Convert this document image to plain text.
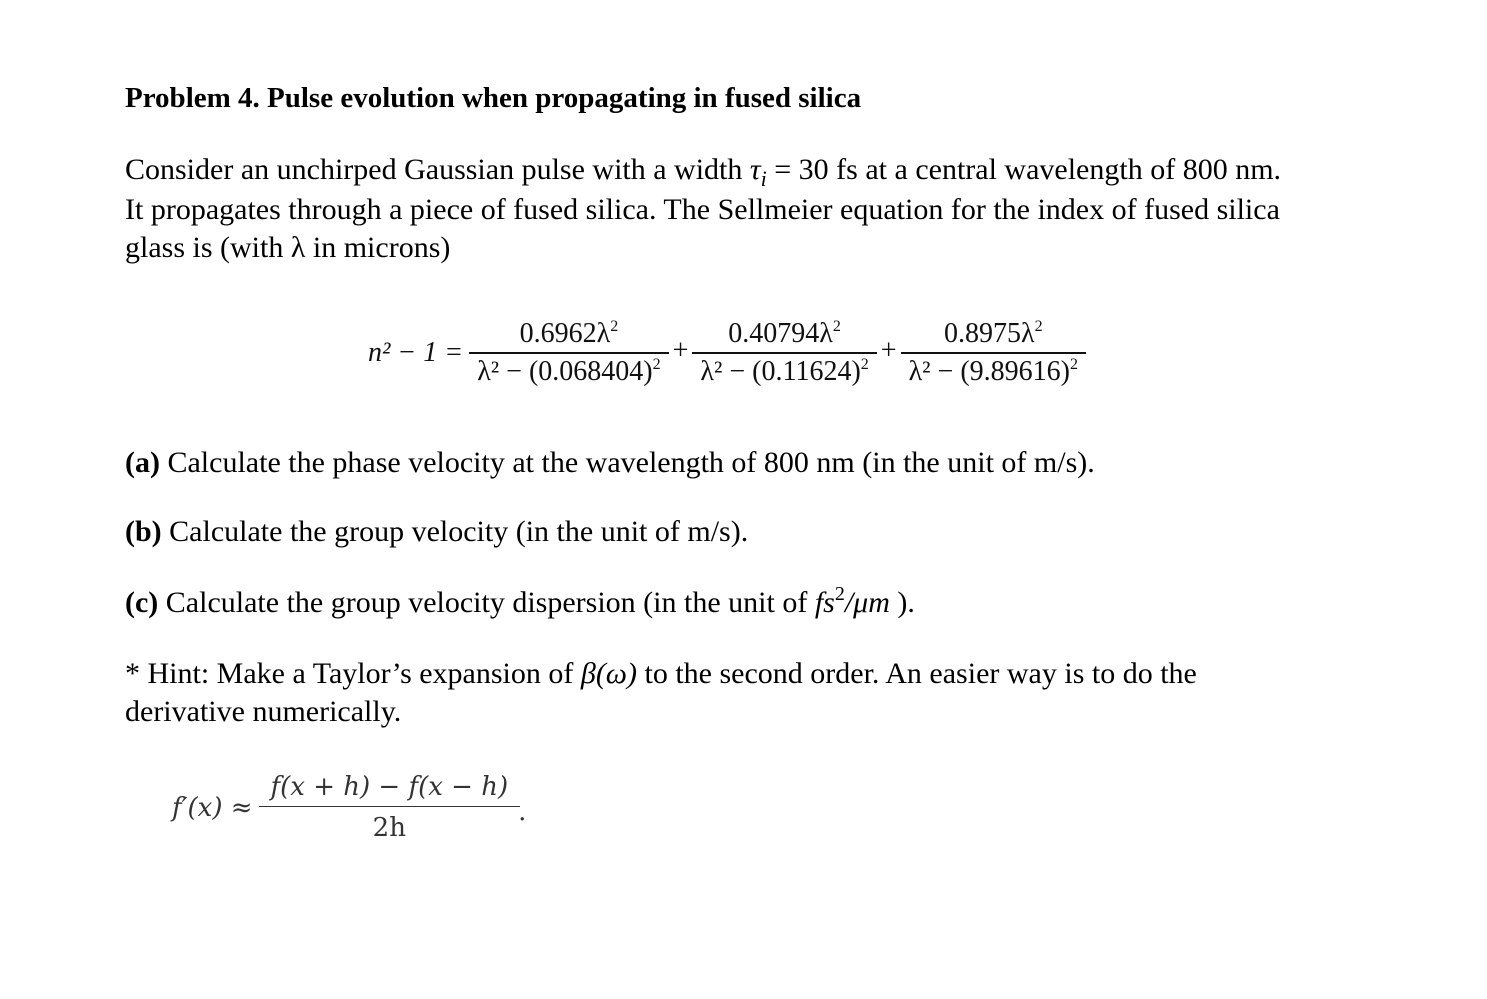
Problem 4. Pulse evolution when propagating in fused silica
Consider an unchirped Gaussian pulse with a width $\tau_i = 30$ fs at a central wavelength of 800 nm.
It propagates through a piece of fused silica. The Sellmeier equation for the index of fused silica
glass is (with λ in microns)
$n^2 - 1 = \frac{0.6962\lambda^2}{\lambda^2 - (0.068404)^2} + \frac{0.40794\lambda^2}{\lambda^2 - (0.11624)^2} + \frac{0.8975\lambda^2}{\lambda^2 - (9.89616)^2}$
(a) Calculate the phase velocity at the wavelength of 800 nm (in the unit of m/s).
(b) Calculate the group velocity (in the unit of m/s).
(c) Calculate the group velocity dispersion (in the unit of $fs^2/\mu m$ ).
* Hint: Make a Taylor’s expansion of β(ω) to the second order. An easier way is to do the
derivative numerically.
$f'(x) \approx \frac{f(x + h) - f(x - h)}{2h}$ .
